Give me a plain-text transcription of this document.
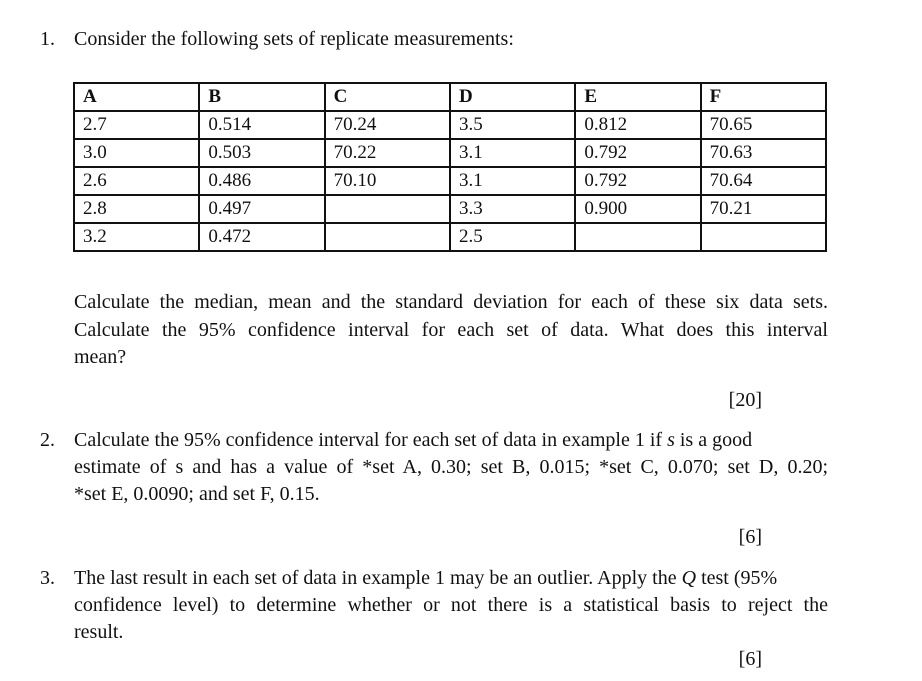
1. Consider the following sets of replicate measurements:
A	B	C	D	E	F
2.7	0.514	70.24	3.5	0.812	70.65
3.0	0.503	70.22	3.1	0.792	70.63
2.6	0.486	70.10	3.1	0.792	70.64
2.8	0.497		3.3	0.900	70.21
3.2	0.472		2.5		
Calculate the median, mean and the standard deviation for each of these six data sets.
Calculate the 95% confidence interval for each set of data. What does this interval
mean?
[20]
2. Calculate the 95% confidence interval for each set of data in example 1 if s is a good
estimate of s and has a value of *set A, 0.30; set B, 0.015; *set C, 0.070; set D, 0.20;
*set E, 0.0090; and set F, 0.15.
[6]
3. The last result in each set of data in example 1 may be an outlier. Apply the Q test (95%
confidence level) to determine whether or not there is a statistical basis to reject the
result.
[6]
